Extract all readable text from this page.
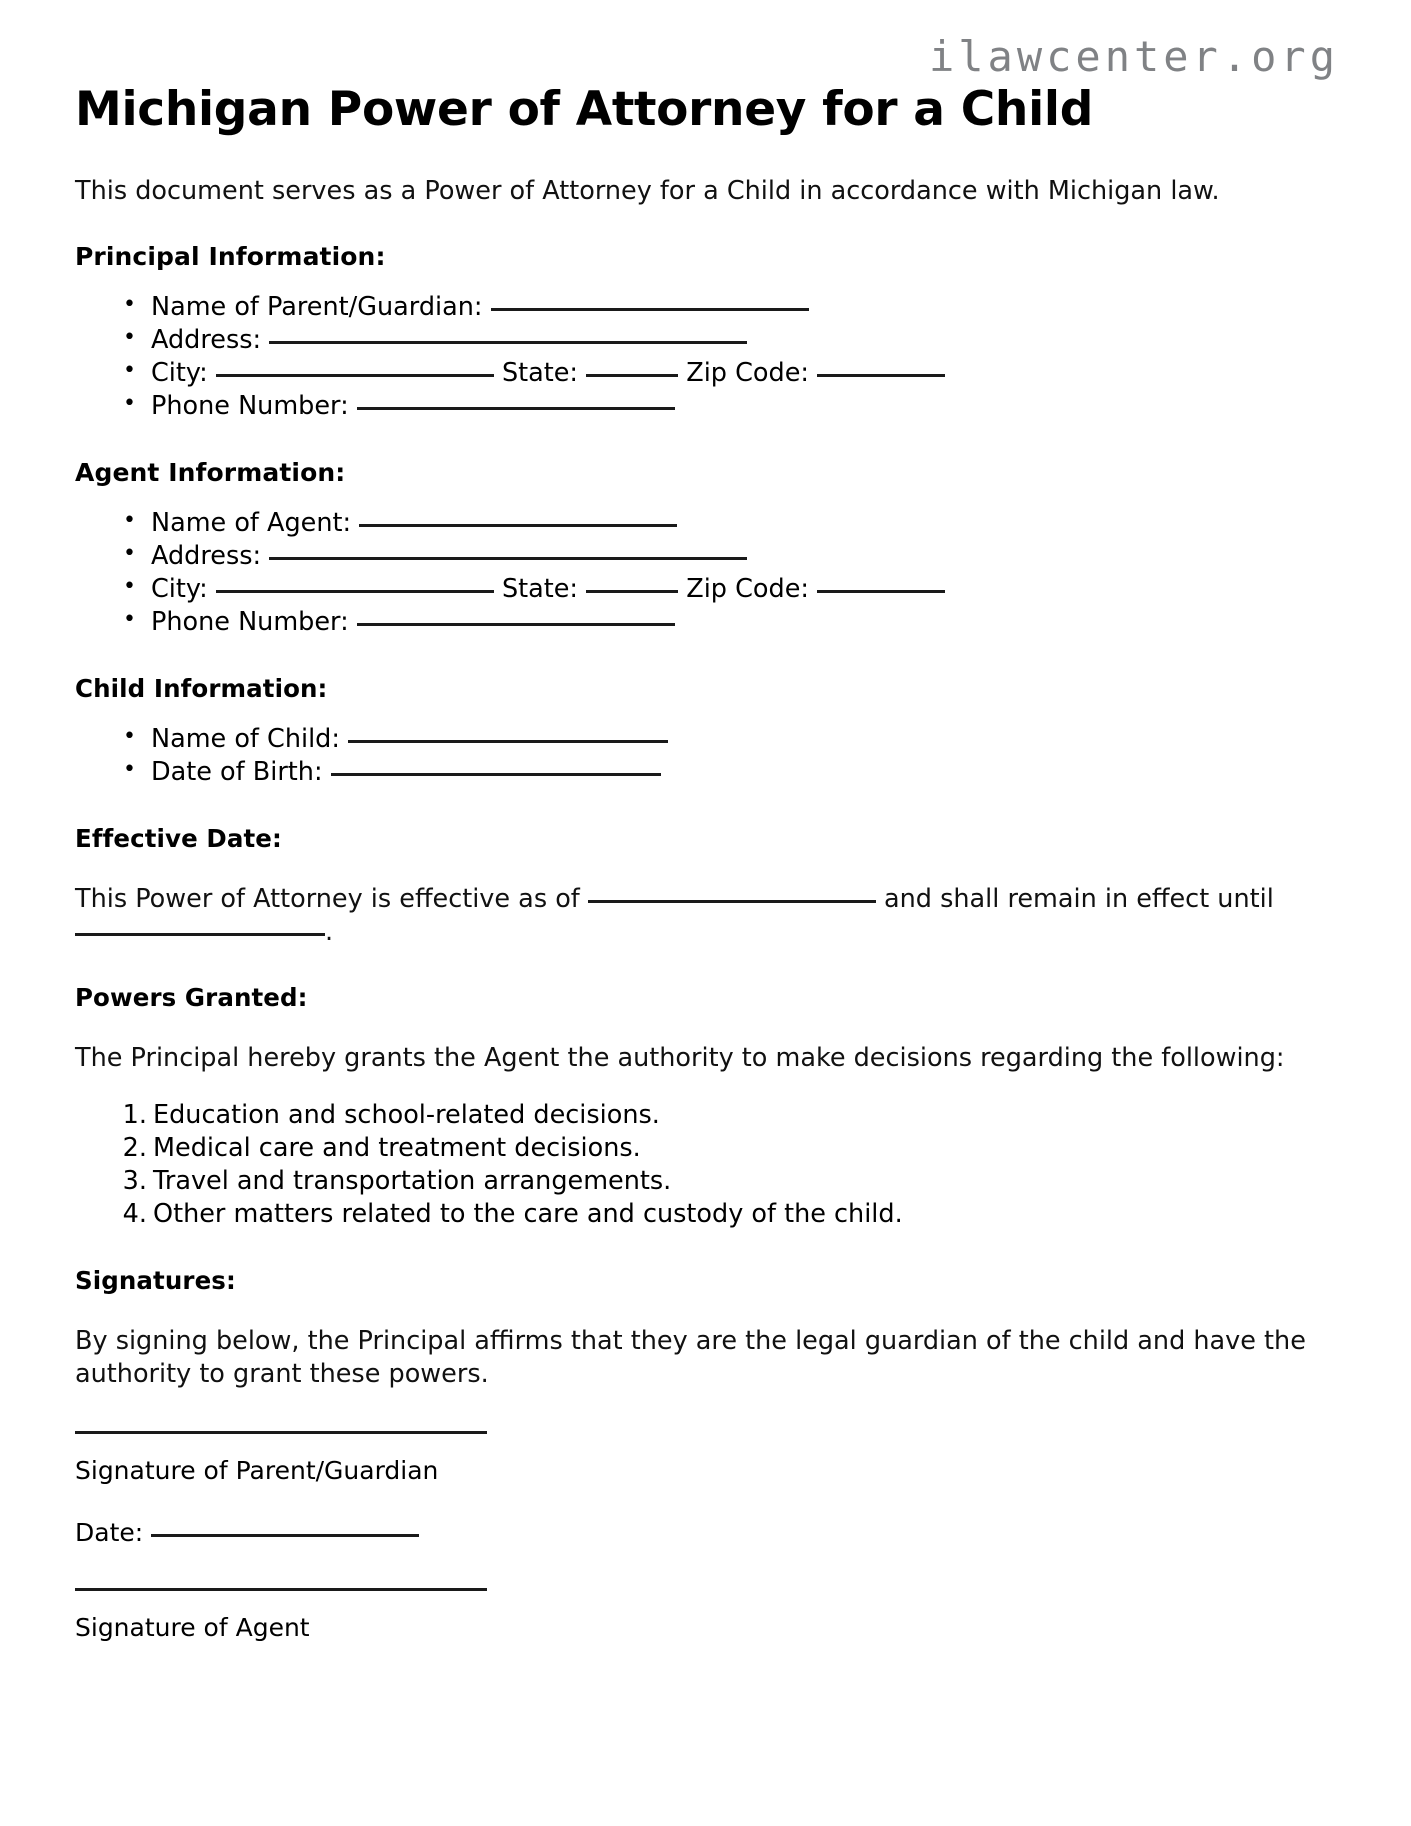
ilawcenter.org
Michigan Power of Attorney for a Child

This document serves as a Power of Attorney for a Child in accordance with Michigan law.

Principal Information:
• Name of Parent/Guardian:
• Address:
• City:	State:	Zip Code:
• Phone Number:
Agent Information:
• Name of Agent:
• Address:
• City:	State:	Zip Code:
• Phone Number:
Child Information:
• Name of Child:
• Date of Birth:
Effective Date:

This Power of Attorney is effective as of	and shall remain in effect until .

Powers Granted:

The Principal hereby grants the Agent the authority to make decisions regarding the following:

1. Education and school-related decisions.
2. Medical care and treatment decisions.
3. Travel and transportation arrangements.
4. Other matters related to the care and custody of the child.
Signatures:

By signing below, the Principal affirms that they are the legal guardian of the child and have the authority to grant these powers.

Signature of Parent/Guardian

Date:

Signature of Agent
